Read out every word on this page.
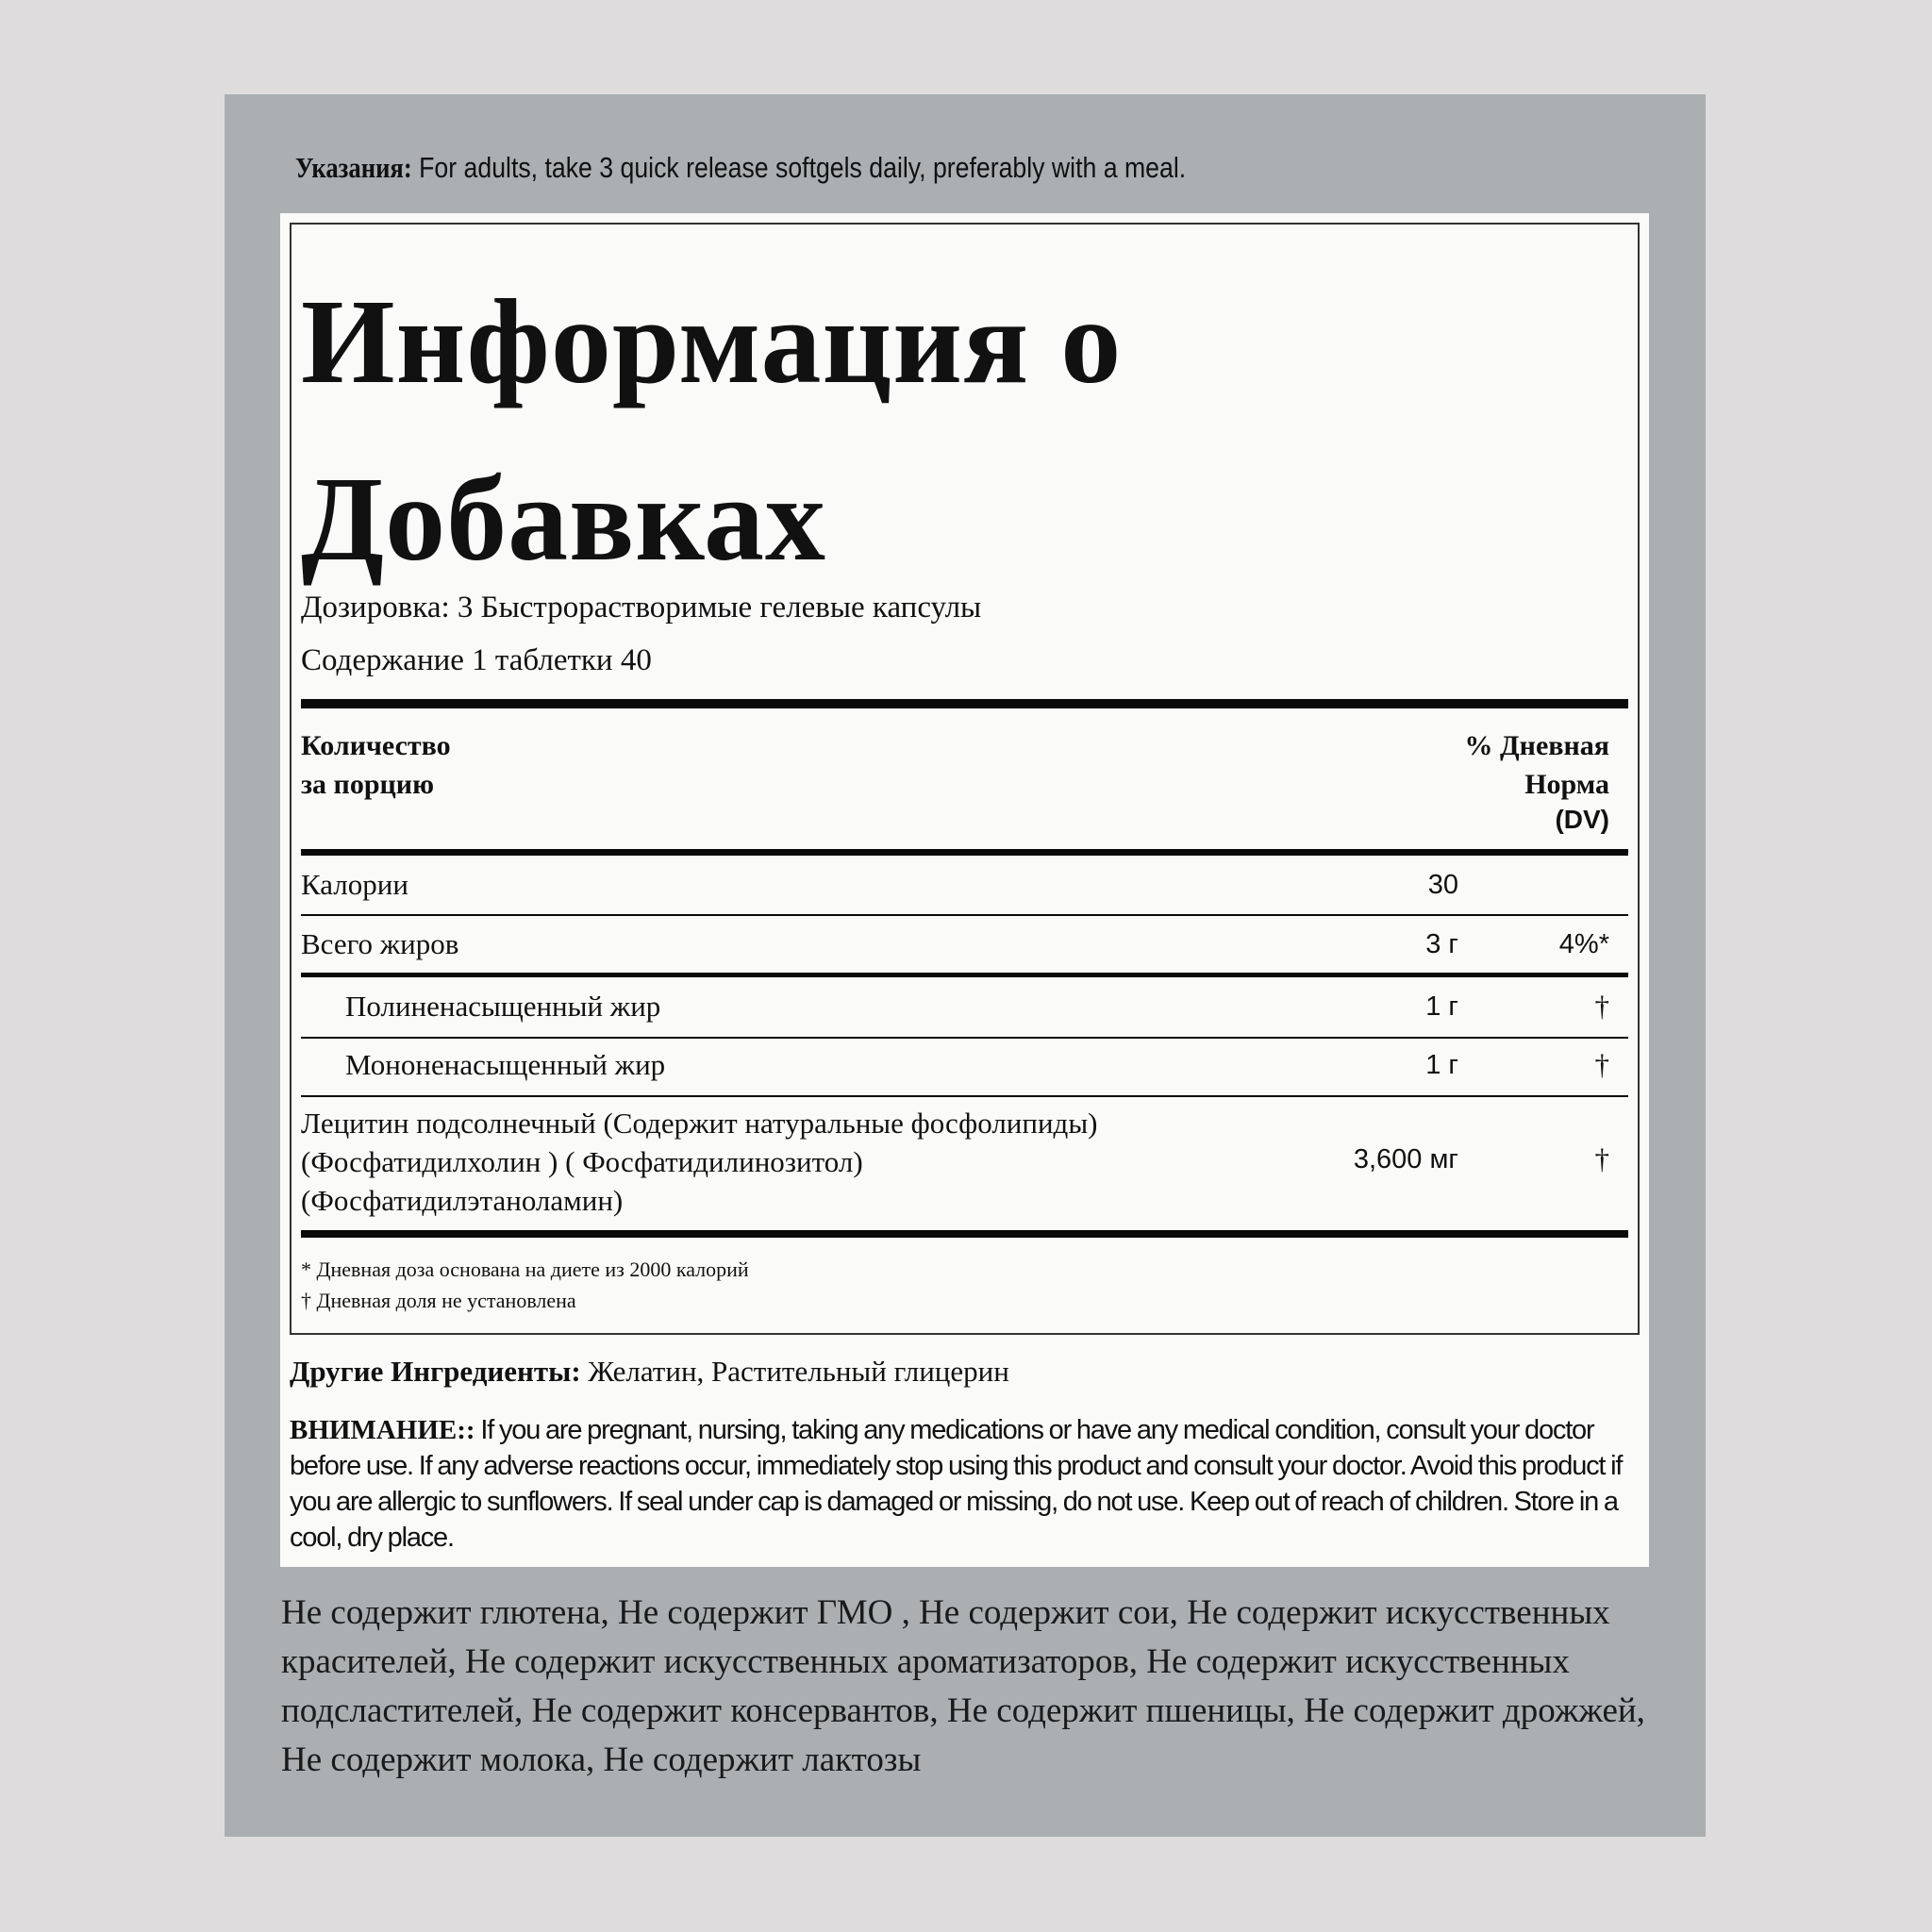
Указания: For adults, take 3 quick release softgels daily, preferably with a meal.
Информация о Добавках
Дозировка: 3 Быстрорастворимые гелевые капсулы
Содержание 1 таблетки 40
Количество
за порцию
% Дневная
Норма
(DV)
Калории	30
Всего жиров	3 г	4%*
Полиненасыщенный жир	1 г	†
Мононенасыщенный жир	1 г	†
Лецитин подсолнечный (Содержит натуральные фосфолипиды)
(Фосфатидилхолин ) ( Фосфатидилинозитол)
(Фосфатидилэтаноламин)
3,600 мг	†
* Дневная доза основана на диете из 2000 калорий
† Дневная доля не установлена
Другие Ингредиенты: Желатин, Растительный глицерин
ВНИМАНИЕ:: If you are pregnant, nursing, taking any medications or have any medical condition, consult your doctor before use. If any adverse reactions occur, immediately stop using this product and consult your doctor. Avoid this product if you are allergic to sunflowers. If seal under cap is damaged or missing, do not use. Keep out of reach of children. Store in a cool, dry place.
Не содержит глютена, Не содержит ГМО , Не содержит сои, Не содержит искусственных красителей, Не содержит искусственных ароматизаторов, Не содержит искусственных подсластителей, Не содержит консервантов, Не содержит пшеницы, Не содержит дрожжей, Не содержит молока, Не содержит лактозы
